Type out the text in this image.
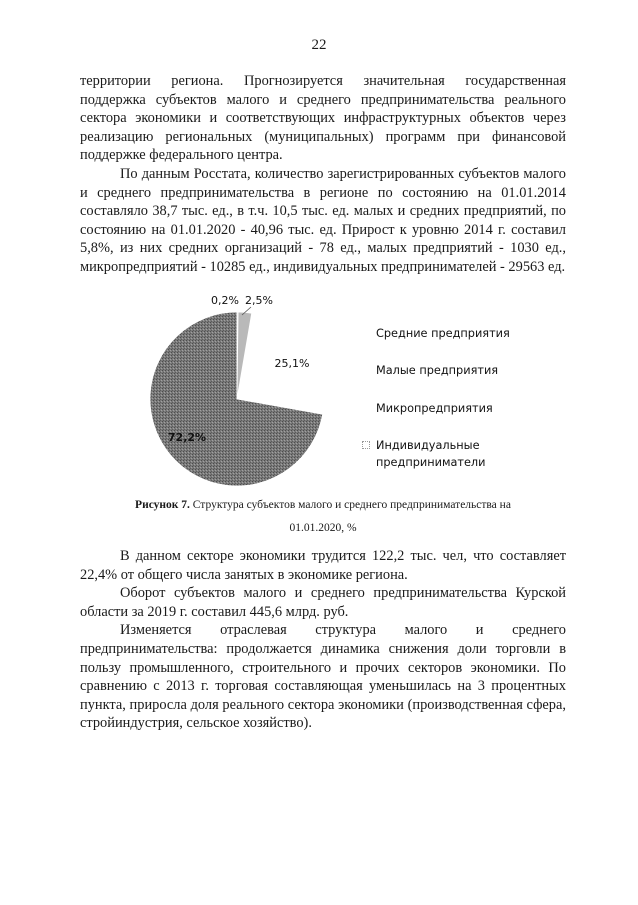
22

территории региона. Прогнозируется значительная государственная поддержка субъектов малого и среднего предпринимательства реального сектора экономики и соответствующих инфраструктурных объектов через реализацию региональных (муниципальных) программ при финансовой поддержке федерального центра.

По данным Росстата, количество зарегистрированных субъектов малого и среднего предпринимательства в регионе по состоянию на 01.01.2014 составляло 38,7 тыс. ед., в т.ч. 10,5 тыс. ед. малых и средних предприятий, по состоянию на 01.01.2020 - 40,96 тыс. ед. Прирост к уровню 2014 г. составил 5,8%, из них средних организаций - 78 ед., малых предприятий - 1030 ед., микропредприятий - 10285 ед., индивидуальных предпринимателей - 29563 ед.

0,2% 2,5%
25,1%
72,2%
Средние предприятия
Малые предприятия
Микропредприятия
Индивидуальные
предприниматели
Рисунок 7. Структура субъектов малого и среднего предпринимательства на
01.01.2020, %

В данном секторе экономики трудится 122,2 тыс. чел, что составляет 22,4% от общего числа занятых в экономике региона.

Оборот субъектов малого и среднего предпринимательства Курской области за 2019 г. составил 445,6 млрд. руб.

Изменяется отраслевая структура малого и среднего предпринимательства: продолжается динамика снижения доли торговли в пользу промышленного, строительного и прочих секторов экономики. По сравнению с 2013 г. торговая составляющая уменьшилась на 3 процентных пункта, приросла доля реального сектора экономики (производственная сфера, стройиндустрия, сельское хозяйство).
